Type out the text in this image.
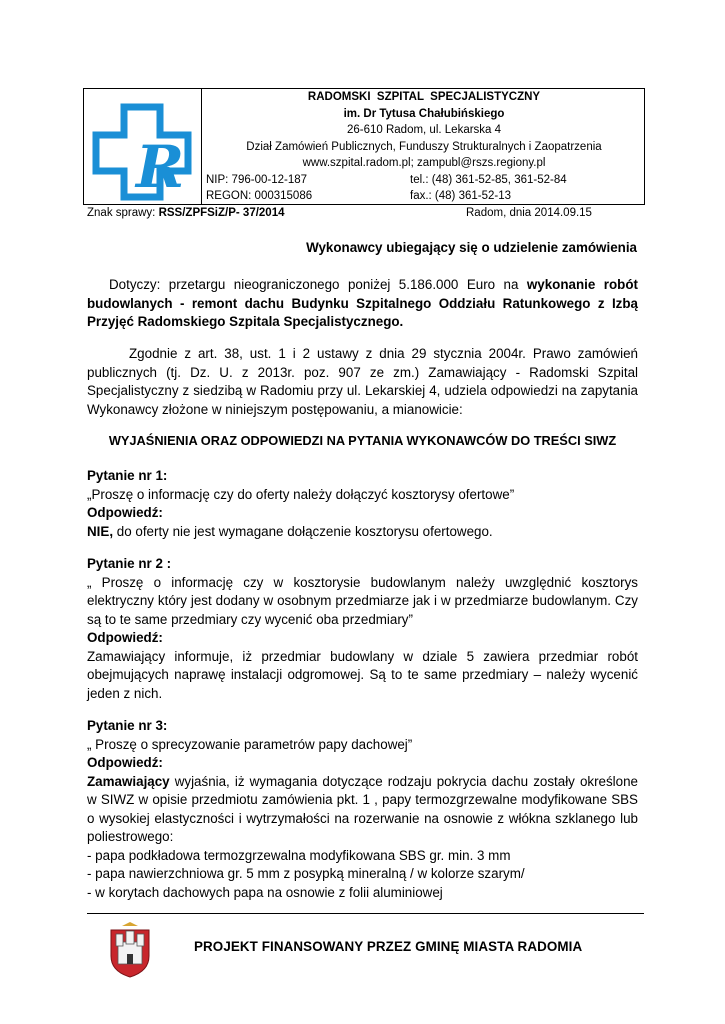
R
RADOMSKI  SZPITAL  SPECJALISTYCZNY
im. Dr Tytusa Chałubińskiego
26-610 Radom, ul. Lekarska 4
Dział Zamówień Publicznych, Funduszy Strukturalnych i Zaopatrzenia
www.szpital.radom.pl; zampubl@rszs.regiony.pl
NIP: 796-00-12-187	tel.: (48) 361-52-85, 361-52-84
REGON: 000315086	fax.: (48) 361-52-13
Znak sprawy: RSS/ZPFSiZ/P- 37/2014	Radom, dnia 2014.09.15
Wykonawcy ubiegający się o udzielenie zamówienia
Dotyczy: przetargu nieograniczonego poniżej 5.186.000 Euro na wykonanie robót budowlanych - remont dachu Budynku Szpitalnego Oddziału Ratunkowego z Izbą Przyjęć Radomskiego Szpitala Specjalistycznego.
Zgodnie z art. 38, ust. 1 i 2 ustawy z dnia 29 stycznia 2004r. Prawo zamówień publicznych (tj. Dz. U. z 2013r. poz. 907 ze zm.) Zamawiający - Radomski Szpital Specjalistyczny z siedzibą w Radomiu przy ul. Lekarskiej 4, udziela odpowiedzi na zapytania Wykonawcy złożone w niniejszym postępowaniu, a mianowicie:
WYJAŚNIENIA ORAZ ODPOWIEDZI NA PYTANIA WYKONAWCÓW DO TREŚCI SIWZ
Pytanie nr 1:
„Proszę o informację czy do oferty należy dołączyć kosztorysy ofertowe”
Odpowiedź:
NIE, do oferty nie jest wymagane dołączenie kosztorysu ofertowego.
Pytanie nr 2 :
„ Proszę o informację czy w kosztorysie budowlanym należy uwzględnić kosztorys elektryczny który jest dodany w osobnym przedmiarze jak i w przedmiarze budowlanym. Czy są to te same przedmiary czy wycenić oba przedmiary”
Odpowiedź:
Zamawiający informuje, iż przedmiar budowlany w dziale 5 zawiera przedmiar robót obejmujących naprawę instalacji odgromowej. Są to te same przedmiary – należy wycenić jeden z nich.
Pytanie nr 3:
„ Proszę o sprecyzowanie parametrów papy dachowej”
Odpowiedź:
Zamawiający wyjaśnia, iż wymagania dotyczące rodzaju pokrycia dachu zostały określone w SIWZ w opisie przedmiotu zamówienia pkt. 1 , papy termozgrzewalne modyfikowane SBS o wysokiej elastyczności i wytrzymałości na rozerwanie na osnowie z włókna szklanego lub poliestrowego:
- papa podkładowa termozgrzewalna modyfikowana SBS gr. min. 3 mm
- papa nawierzchniowa gr. 5 mm z posypką mineralną / w kolorze szarym/
- w korytach dachowych papa na osnowie z folii aluminiowej
PROJEKT FINANSOWANY PRZEZ GMINĘ MIASTA RADOMIA
